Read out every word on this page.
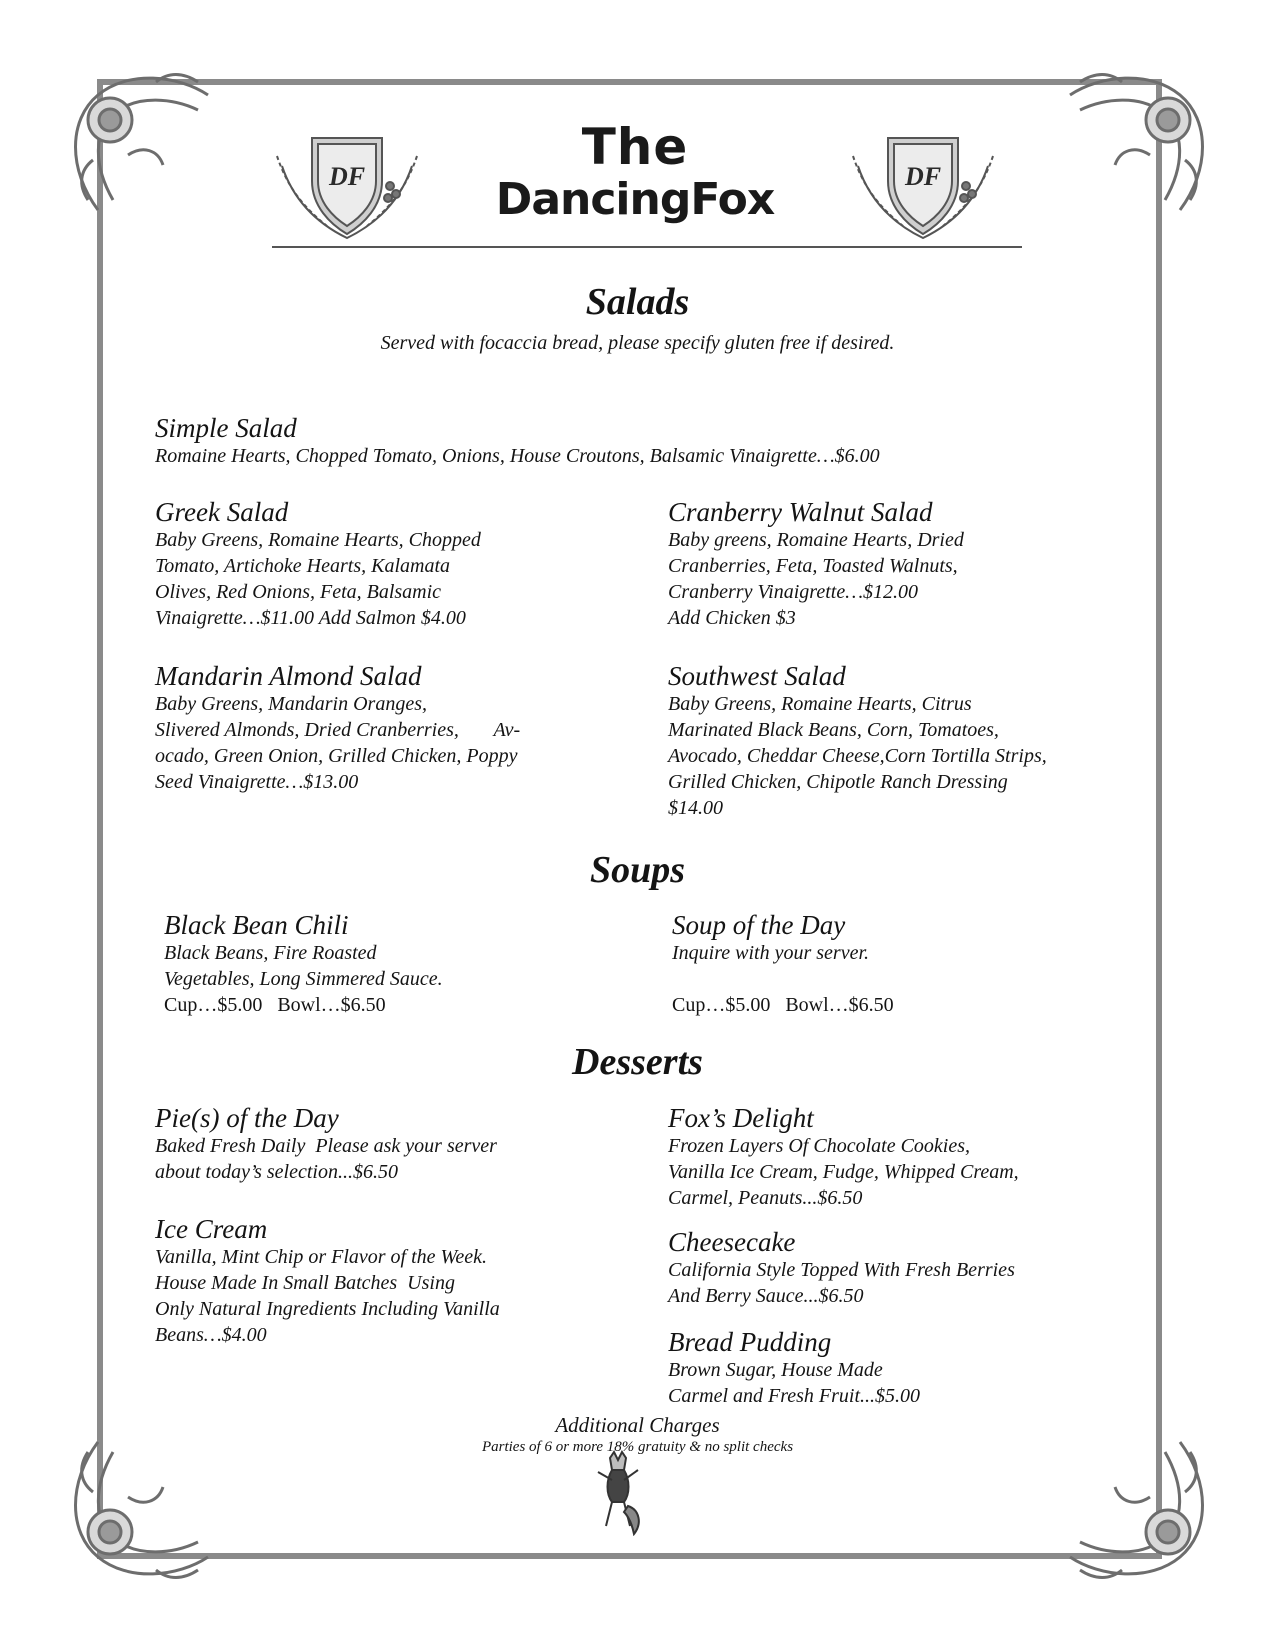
DF
The
DancingFox	DF
Salads

Served with focaccia bread, please specify gluten free if desired.

Simple Salad
Romaine Hearts, Chopped Tomato, Onions, House Croutons, Balsamic Vinaigrette…$6.00
Greek Salad
Baby Greens, Romaine Hearts, Chopped
Tomato, Artichoke Hearts, Kalamata
Olives, Red Onions, Feta, Balsamic
Vinaigrette…$11.00 Add Salmon $4.00
Cranberry Walnut Salad
Baby greens, Romaine Hearts, Dried
Cranberries, Feta, Toasted Walnuts,
Cranberry Vinaigrette…$12.00
Add Chicken $3
Mandarin Almond Salad
Baby Greens, Mandarin Oranges,
Slivered Almonds, Dried Cranberries,       Av-
ocado, Green Onion, Grilled Chicken, Poppy
Seed Vinaigrette…$13.00
Southwest Salad
Baby Greens, Romaine Hearts, Citrus
Marinated Black Beans, Corn, Tomatoes,
Avocado, Cheddar Cheese,Corn Tortilla Strips,
Grilled Chicken, Chipotle Ranch Dressing
$14.00
Soups
Black Bean Chili
Black Beans, Fire Roasted
Vegetables, Long Simmered Sauce.
Cup…$5.00   Bowl…$6.50
Soup of the Day
Inquire with your server.

Cup…$5.00   Bowl…$6.50
Desserts
Pie(s) of the Day
Baked Fresh Daily  Please ask your server
about today’s selection...$6.50
Ice Cream
Vanilla, Mint Chip or Flavor of the Week.
House Made In Small Batches  Using
Only Natural Ingredients Including Vanilla
Beans…$4.00
Fox’s Delight
Frozen Layers Of Chocolate Cookies,
Vanilla Ice Cream, Fudge, Whipped Cream,
Carmel, Peanuts...$6.50
Cheesecake
California Style Topped With Fresh Berries
And Berry Sauce...$6.50
Bread Pudding
Brown Sugar, House Made
Carmel and Fresh Fruit...$5.00
Additional Charges
Parties of 6 or more 18% gratuity & no split checks
